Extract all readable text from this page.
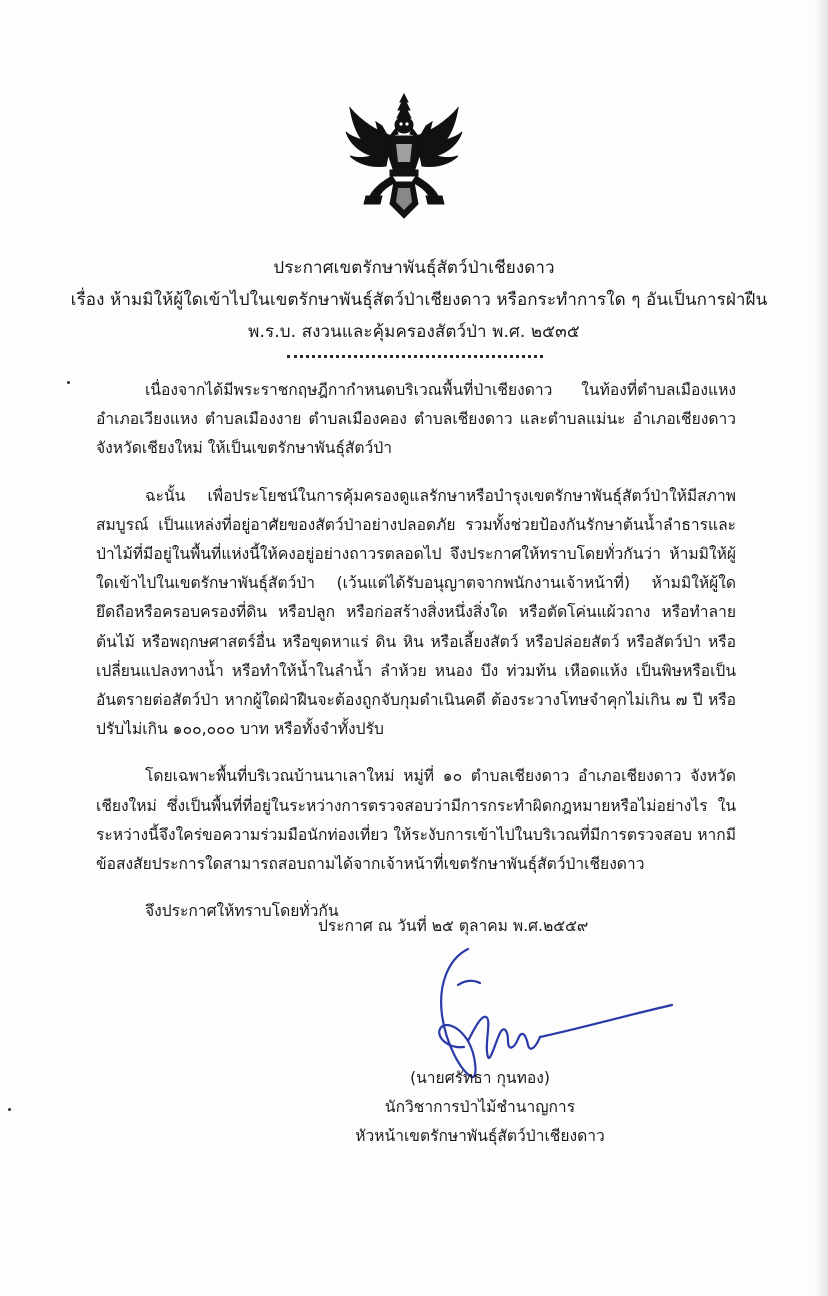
ประกาศเขตรักษาพันธุ์สัตว์ป่าเชียงดาว
เรื่อง ห้ามมิให้ผู้ใดเข้าไปในเขตรักษาพันธุ์สัตว์ป่าเชียงดาว หรือกระทำการใด ๆ อันเป็นการฝ่าฝืน
พ.ร.บ. สงวนและคุ้มครองสัตว์ป่า พ.ศ. ๒๕๓๕

เนื่องจากได้มีพระราชกฤษฎีกากำหนดบริเวณพื้นที่ป่าเชียงดาว ในท้องที่ตำบลเมืองแหง อำเภอเวียงแหง ตำบลเมืองงาย ตำบลเมืองคอง ตำบลเชียงดาว และตำบลแม่นะ อำเภอเชียงดาว จังหวัดเชียงใหม่ ให้เป็นเขตรักษาพันธุ์สัตว์ป่า

ฉะนั้น เพื่อประโยชน์ในการคุ้มครองดูแลรักษาหรือบำรุงเขตรักษาพันธุ์สัตว์ป่าให้มีสภาพสมบูรณ์ เป็นแหล่งที่อยู่อาศัยของสัตว์ป่าอย่างปลอดภัย รวมทั้งช่วยป้องกันรักษาต้นน้ำลำธารและป่าไม้ที่มีอยู่ในพื้นที่แห่งนี้ให้คงอยู่อย่างถาวรตลอดไป จึงประกาศให้ทราบโดยทั่วกันว่า ห้ามมิให้ผู้ใดเข้าไปในเขตรักษาพันธุ์สัตว์ป่า (เว้นแต่ได้รับอนุญาตจากพนักงานเจ้าหน้าที่) ห้ามมิให้ผู้ใดยึดถือหรือครอบครองที่ดิน หรือปลูก หรือก่อสร้างสิ่งหนึ่งสิ่งใด หรือตัดโค่นแผ้วถาง หรือทำลายต้นไม้ หรือพฤกษศาสตร์อื่น หรือขุดหาแร่ ดิน หิน หรือเลี้ยงสัตว์ หรือปล่อยสัตว์ หรือสัตว์ป่า หรือเปลี่ยนแปลงทางน้ำ หรือทำให้น้ำในลำน้ำ ลำห้วย หนอง บึง ท่วมท้น เหือดแห้ง เป็นพิษหรือเป็นอันตรายต่อสัตว์ป่า หากผู้ใดฝ่าฝืนจะต้องถูกจับกุมดำเนินคดี ต้องระวางโทษจำคุกไม่เกิน ๗ ปี หรือปรับไม่เกิน ๑๐๐,๐๐๐ บาท หรือทั้งจำทั้งปรับ

โดยเฉพาะพื้นที่บริเวณบ้านนาเลาใหม่ หมู่ที่ ๑๐ ตำบลเชียงดาว อำเภอเชียงดาว จังหวัดเชียงใหม่ ซึ่งเป็นพื้นที่ที่อยู่ในระหว่างการตรวจสอบว่ามีการกระทำผิดกฎหมายหรือไม่อย่างไร ในระหว่างนี้จึงใคร่ขอความร่วมมือนักท่องเที่ยว ให้ระงับการเข้าไปในบริเวณที่มีการตรวจสอบ หากมีข้อสงสัยประการใดสามารถสอบถามได้จากเจ้าหน้าที่เขตรักษาพันธุ์สัตว์ป่าเชียงดาว

จึงประกาศให้ทราบโดยทั่วกัน

ประกาศ ณ วันที่ ๒๕ ตุลาคม พ.ศ.๒๕๕๙
(นายศรัทธา กุนทอง)
นักวิชาการป่าไม้ชำนาญการ
หัวหน้าเขตรักษาพันธุ์สัตว์ป่าเชียงดาว
